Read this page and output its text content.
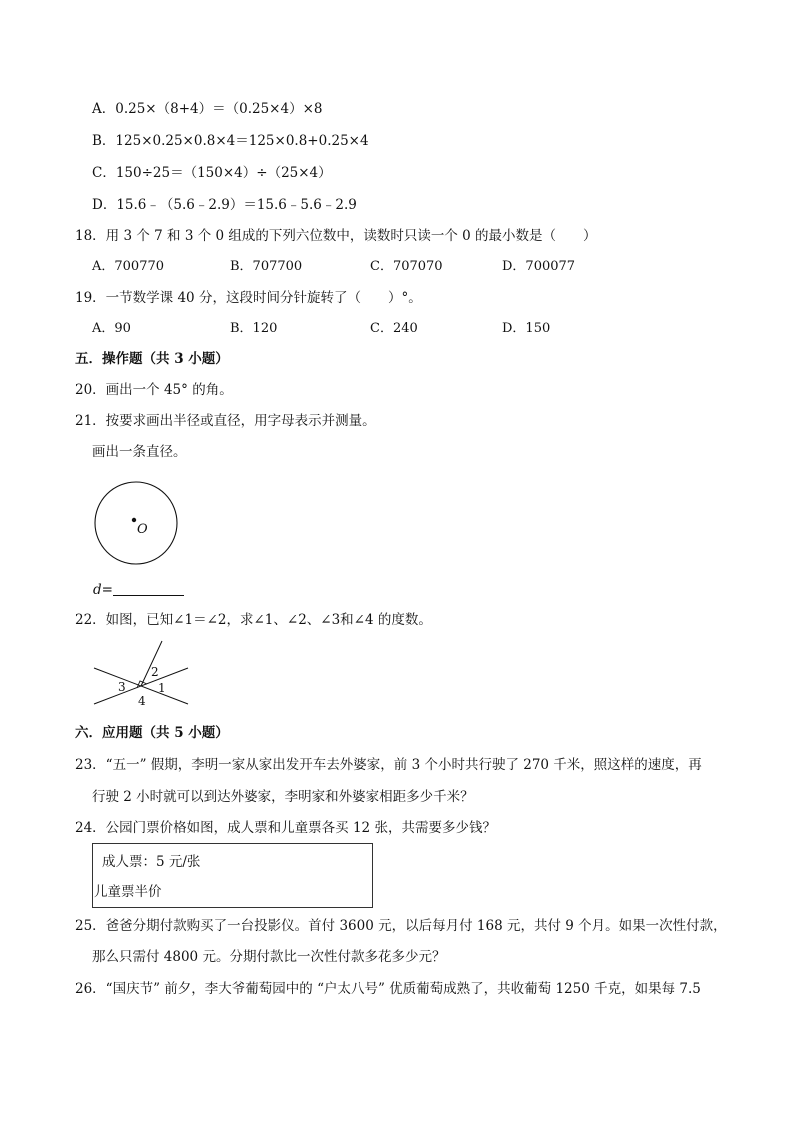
A．0.25×（8+4）＝（0.25×4）×8
B．125×0.25×0.8×4＝125×0.8+0.25×4
C．150÷25＝（150×4）÷（25×4）
D．15.6﹣（5.6﹣2.9）＝15.6﹣5.6﹣2.9
18．用 3 个 7 和 3 个 0 组成的下列六位数中，读数时只读一个 0 的最小数是（　　）
A．700770	B．707700	C．707070	D．700077
19．一节数学课 40 分，这段时间分针旋转了（　　）°。
A．90	B．120	C．240	D．150
五．操作题（共 3 小题）
20．画出一个 45° 的角。
21．按要求画出半径或直径，用字母表示并测量。
画出一条直径。
O
d=
22．如图，已知∠1＝∠2，求∠1、∠2、∠3和∠4 的度数。
1
2
3
4
六．应用题（共 5 小题）
23．“五一” 假期，李明一家从家出发开车去外婆家，前 3 个小时共行驶了 270 千米，照这样的速度，再
行驶 2 小时就可以到达外婆家，李明家和外婆家相距多少千米？
24．公园门票价格如图，成人票和儿童票各买 12 张，共需要多少钱？
成人票：5 元/张
儿童票半价
25．爸爸分期付款购买了一台投影仪。首付 3600 元，以后每月付 168 元，共付 9 个月。如果一次性付款，
那么只需付 4800 元。分期付款比一次性付款多花多少元？
26．“国庆节” 前夕，李大爷葡萄园中的 “户太八号” 优质葡萄成熟了，共收葡萄 1250 千克，如果每 7.5
